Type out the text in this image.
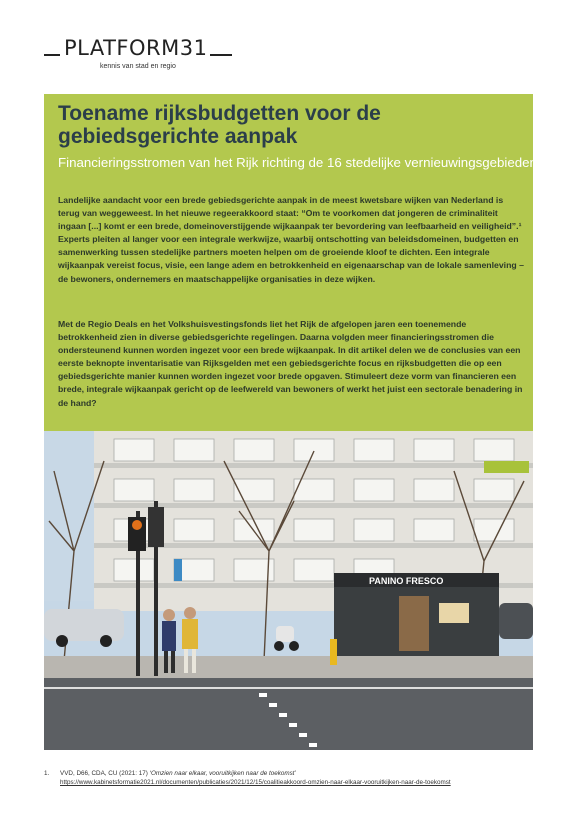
PLATFORM31
kennis van stad en regio
Toename rijksbudgetten voor de
gebiedsgerichte aanpak

Financieringsstromen van het Rijk richting de 16 stedelijke vernieuwingsgebieden

Landelijke aandacht voor een brede gebiedsgerichte aanpak in de meest kwetsbare wijken van Nederland is terug van weggeweest. In het nieuwe regeerakkoord staat: “Om te voorkomen dat jongeren de criminaliteit ingaan [...] komt er een brede, domeinoverstijgende wijkaanpak ter bevordering van leefbaarheid en veiligheid”.¹ Experts pleiten al langer voor een integrale werkwijze, waarbij ontschotting van beleidsdomeinen, budgetten en samenwerking tussen stedelijke partners moeten helpen om de groeiende kloof te dichten. Een integrale wijkaanpak vereist focus, visie, een lange adem en betrokkenheid en eigenaarschap van de lokale samenleving – de bewoners, ondernemers en maatschappelijke organisaties in deze wijken.

Met de Regio Deals en het Volkshuisvestingsfonds liet het Rijk de afgelopen jaren een toenemende betrokkenheid zien in diverse gebiedsgerichte regelingen. Daarna volgden meer financieringsstromen die ondersteunend kunnen worden ingezet voor een brede wijkaanpak. In dit artikel delen we de conclusies van een eerste beknopte inventarisatie van Rijksgelden met een gebiedsgerichte focus en rijksbudgetten die op een gebiedsgerichte manier kunnen worden ingezet voor brede opgaven. Stimuleert deze vorm van financieren een brede, integrale wijkaanpak gericht op de leefwereld van bewoners of werkt het juist een sectorale benadering in de hand?

PANINO FRESCO
1. VVD, D66, CDA, CU (2021: 17) ‘Omzien naar elkaar, vooruitkijken naar de toekomst’
https://www.kabinetsformatie2021.nl/documenten/publicaties/2021/12/15/coalitieakkoord-omzien-naar-elkaar-vooruitkijken-naar-de-toekomst
